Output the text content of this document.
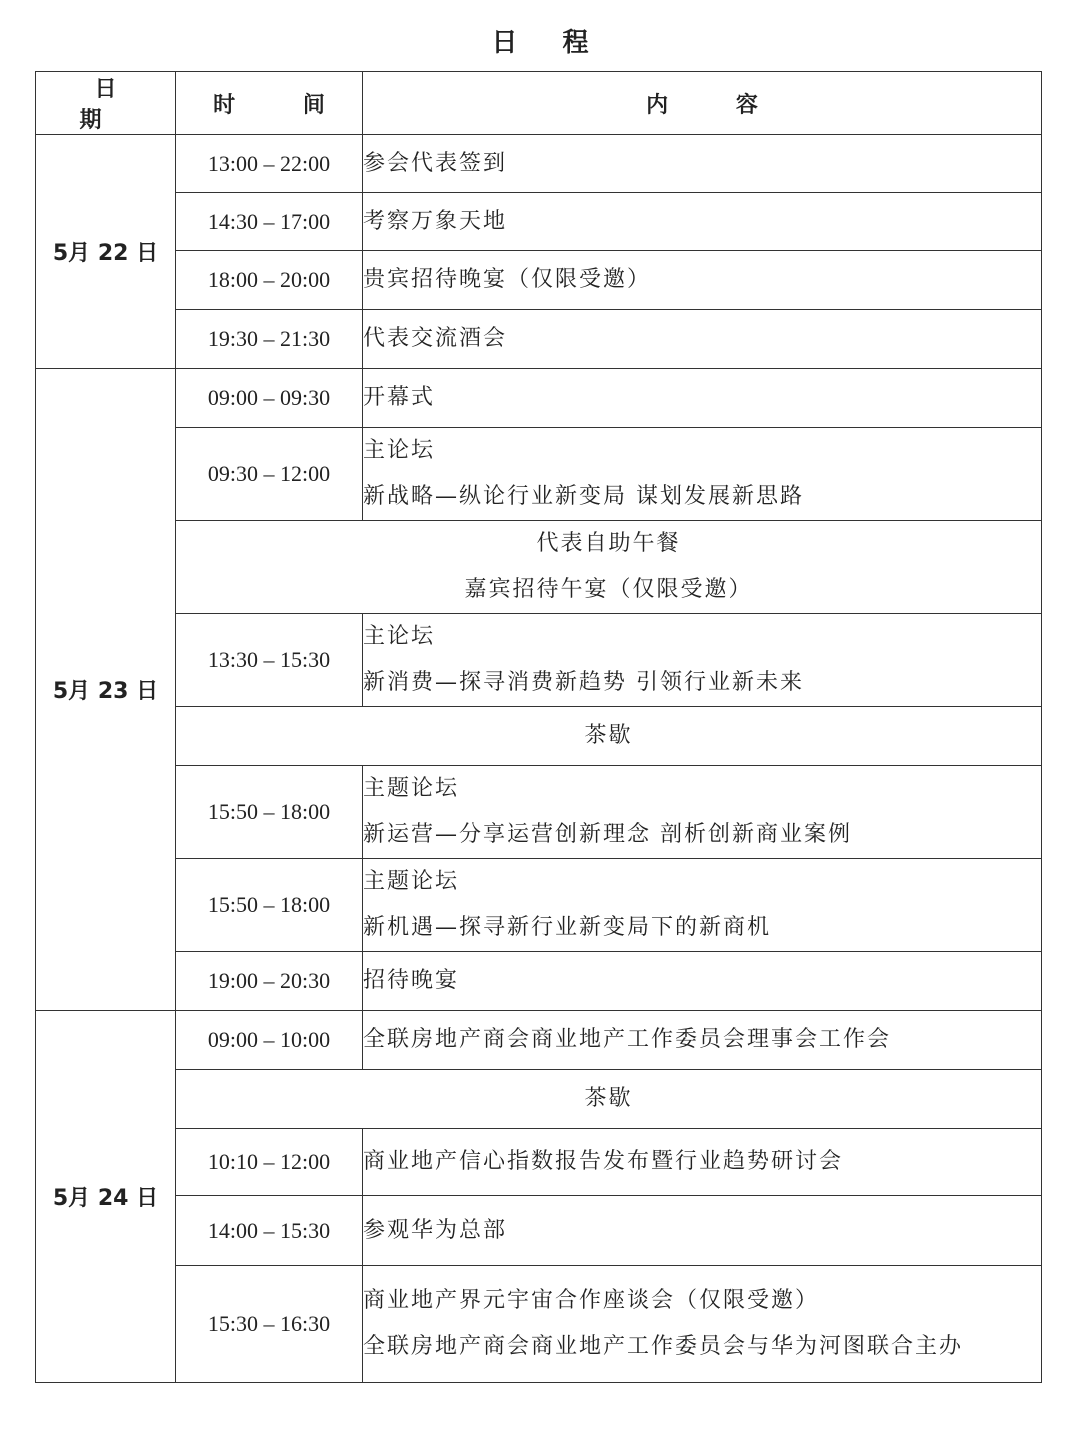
日 程
日 期	时 间	内 容
5月 22 日	13:00 – 22:00	参会代表签到

	14:30 – 17:00	考察万象天地

	18:00 – 20:00	贵宾招待晚宴（仅限受邀）

	19:30 – 21:30	代表交流酒会

5月 23 日	09:00 – 09:30	开幕式

	09:30 – 12:00	主论坛
新战略—纵论行业新变局 谋划发展新思路

	代表自助午餐
嘉宾招待午宴（仅限受邀）	

	13:30 – 15:30	主论坛
新消费—探寻消费新趋势 引领行业新未来

	茶歇	

	15:50 – 18:00	主题论坛
新运营—分享运营创新理念 剖析创新商业案例

	15:50 – 18:00	主题论坛
新机遇—探寻新行业新变局下的新商机

	19:00 – 20:30	招待晚宴

5月 24 日	09:00 – 10:00	全联房地产商会商业地产工作委员会理事会工作会

	茶歇	

	10:10 – 12:00	商业地产信心指数报告发布暨行业趋势研讨会

	14:00 – 15:30	参观华为总部

	15:30 – 16:30	商业地产界元宇宙合作座谈会（仅限受邀）
全联房地产商会商业地产工作委员会与华为河图联合主办
